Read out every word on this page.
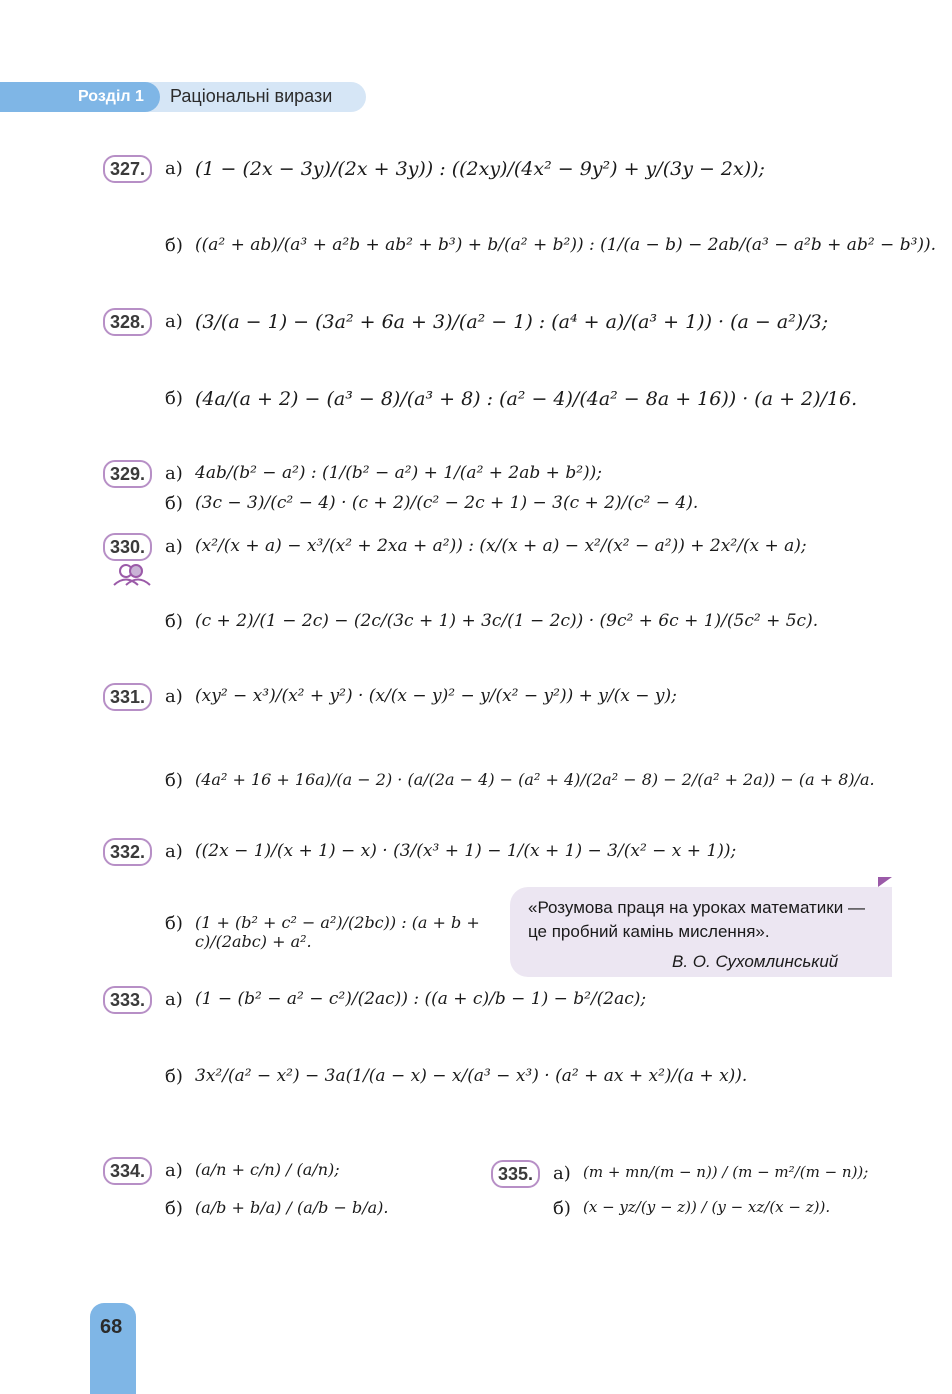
Розділ 1 Раціональні вирази
327.	а) (1 − (2x − 3y)/(2x + 3y)) : ((2xy)/(4x² − 9y²) + y/(3y − 2x));
б) ((a² + ab)/(a³ + a²b + ab² + b³) + b/(a² + b²)) : (1/(a − b) − 2ab/(a³ − a²b + ab² − b³)).
328.	а) (3/(a − 1) − (3a² + 6a + 3)/(a² − 1) : (a⁴ + a)/(a³ + 1)) · (a − a²)/3;
б) (4a/(a + 2) − (a³ − 8)/(a³ + 8) : (a² − 4)/(4a² − 8a + 16)) · (a + 2)/16.
329.	а) 4ab/(b² − a²) : (1/(b² − a²) + 1/(a² + 2ab + b²));
б) (3c − 3)/(c² − 4) · (c + 2)/(c² − 2c + 1) − 3(c + 2)/(c² − 4).
330.	а) (x²/(x + a) − x³/(x² + 2xa + a²)) : (x/(x + a) − x²/(x² − a²)) + 2x²/(x + a);
б) (c + 2)/(1 − 2c) − (2c/(3c + 1) + 3c/(1 − 2c)) · (9c² + 6c + 1)/(5c² + 5c).
331.	а) (xy² − x³)/(x² + y²) · (x/(x − y)² − y/(x² − y²)) + y/(x − y);
б) (4a² + 16 + 16a)/(a − 2) · (a/(2a − 4) − (a² + 4)/(2a² − 8) − 2/(a² + 2a)) − (a + 8)/a.
332.	а) ((2x − 1)/(x + 1) − x) · (3/(x³ + 1) − 1/(x + 1) − 3/(x² − x + 1));
б) (1 + (b² + c² − a²)/(2bc)) : (a + b + c)/(2abc) + a².
«Розумова праця на уроках математики — це пробний камінь мислення».
В. О. Сухомлинський
333.	а) (1 − (b² − a² − c²)/(2ac)) : ((a + c)/b − 1) − b²/(2ac);
б) 3x²/(a² − x²) − 3a(1/(a − x) − x/(a³ − x³) · (a² + ax + x²)/(a + x)).
334.	а) (a/n + c/n) / (a/n);
б) (a/b + b/a) / (a/b − b/a).
335.	а) (m + mn/(m − n)) / (m − m²/(m − n));
б) (x − yz/(y − z)) / (y − xz/(x − z)).
68
